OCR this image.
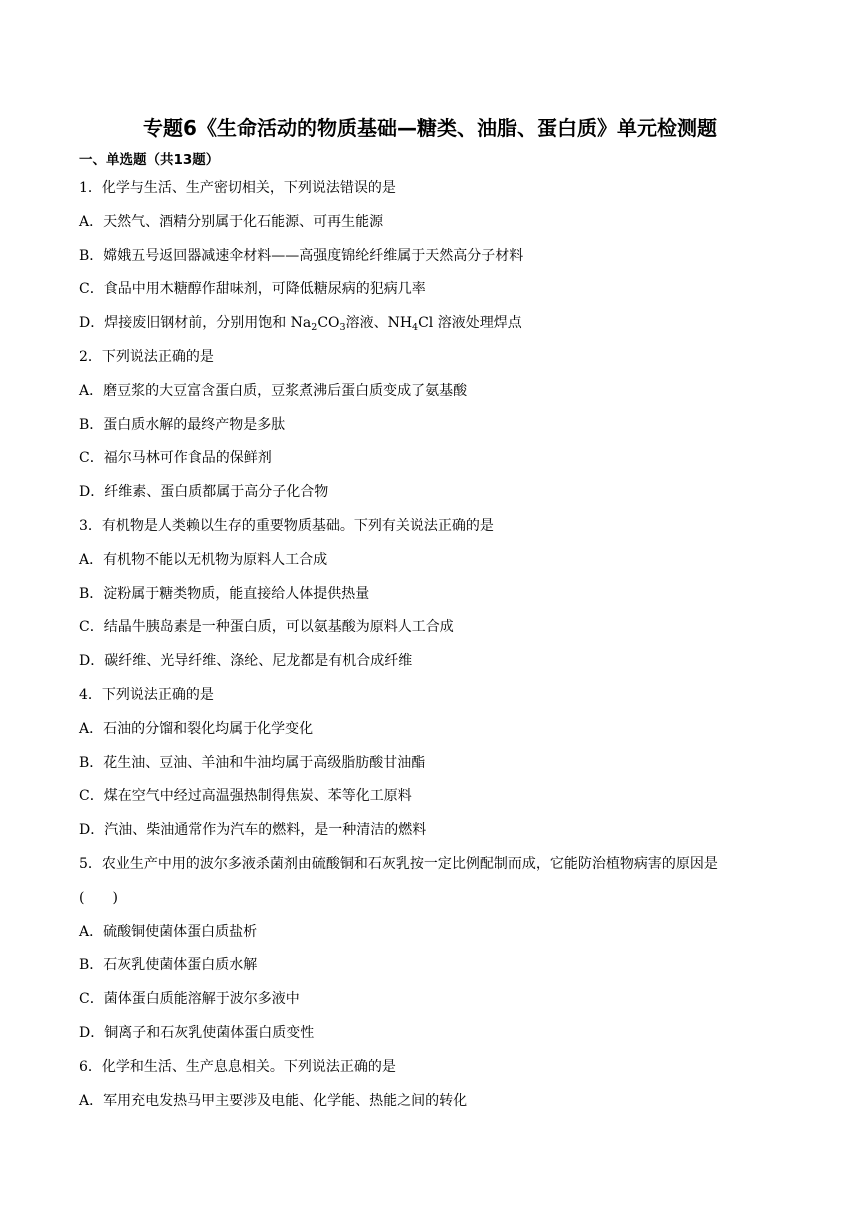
专题6《生命活动的物质基础—糖类、油脂、蛋白质》单元检测题
一、单选题（共13题）
1．化学与生活、生产密切相关，下列说法错误的是
A．天然气、酒精分别属于化石能源、可再生能源
B．嫦娥五号返回器减速伞材料——高强度锦纶纤维属于天然高分子材料
C．食品中用木糖醇作甜味剂，可降低糖尿病的犯病几率
D．焊接废旧钢材前，分别用饱和 $Na_2CO_3$溶液、$NH_4Cl$ 溶液处理焊点
2．下列说法正确的是
A．磨豆浆的大豆富含蛋白质，豆浆煮沸后蛋白质变成了氨基酸
B．蛋白质水解的最终产物是多肽
C．福尔马林可作食品的保鲜剂
D．纤维素、蛋白质都属于高分子化合物
3．有机物是人类赖以生存的重要物质基础。下列有关说法正确的是
A．有机物不能以无机物为原料人工合成
B．淀粉属于糖类物质，能直接给人体提供热量
C．结晶牛胰岛素是一种蛋白质，可以氨基酸为原料人工合成
D．碳纤维、光导纤维、涤纶、尼龙都是有机合成纤维
4．下列说法正确的是
A．石油的分馏和裂化均属于化学变化
B．花生油、豆油、羊油和牛油均属于高级脂肪酸甘油酯
C．煤在空气中经过高温强热制得焦炭、苯等化工原料
D．汽油、柴油通常作为汽车的燃料，是一种清洁的燃料
5．农业生产中用的波尔多液杀菌剂由硫酸铜和石灰乳按一定比例配制而成，它能防治植物病害的原因是
(　　)
A．硫酸铜使菌体蛋白质盐析
B．石灰乳使菌体蛋白质水解
C．菌体蛋白质能溶解于波尔多液中
D．铜离子和石灰乳使菌体蛋白质变性
6．化学和生活、生产息息相关。下列说法正确的是
A．军用充电发热马甲主要涉及电能、化学能、热能之间的转化
